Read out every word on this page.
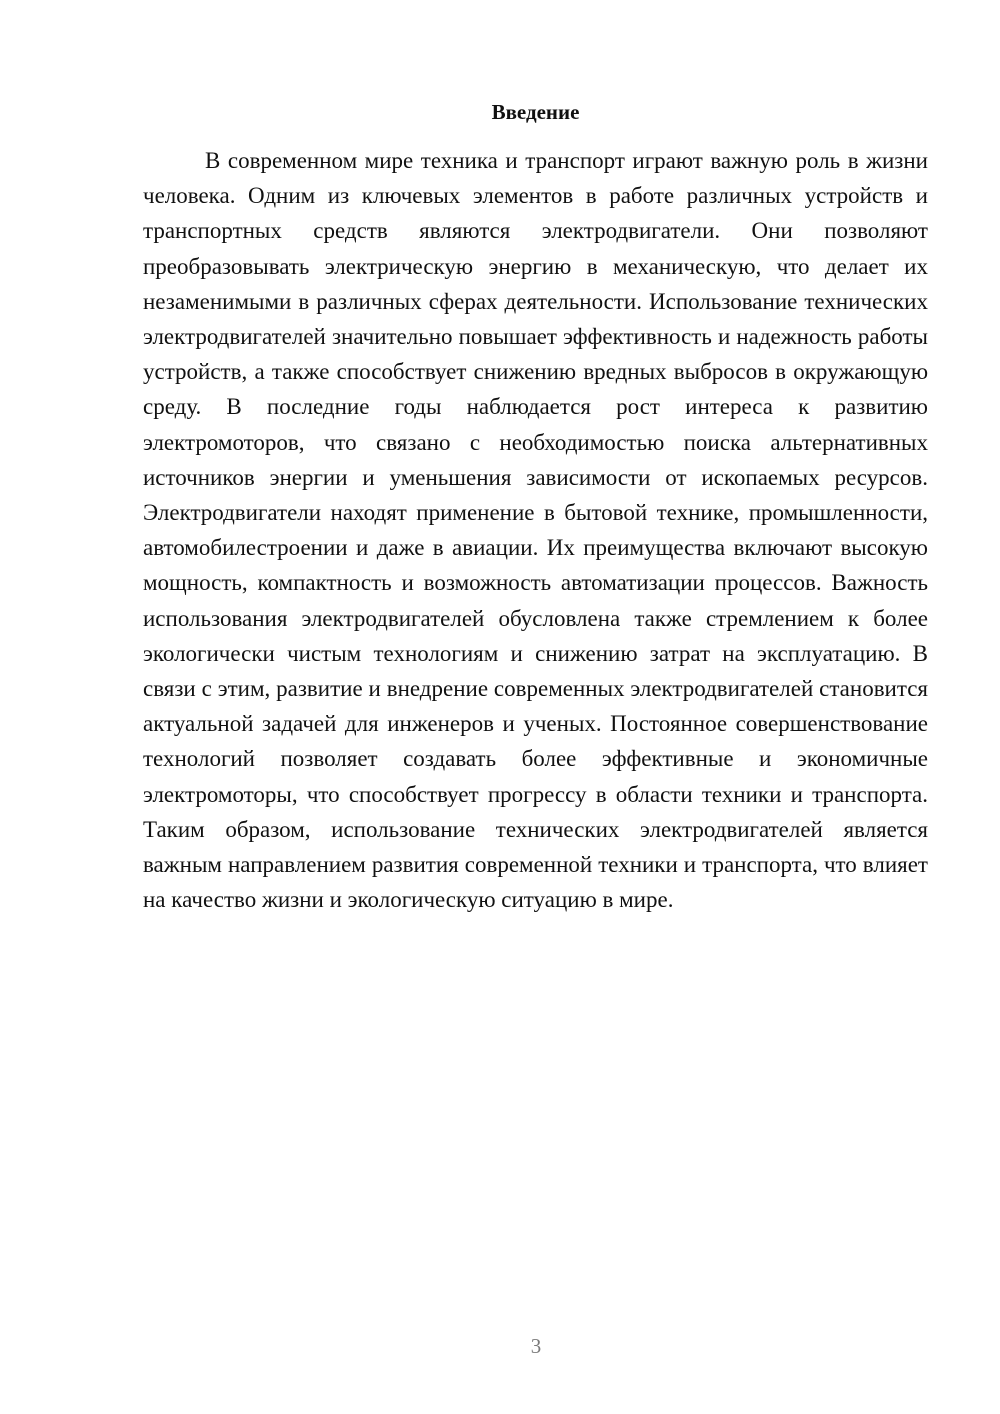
Введение

В современном мире техника и транспорт играют важную роль в жизни человека. Одним из ключевых элементов в работе различных устройств и транспортных средств являются электродвигатели. Они позволяют преобразовывать электрическую энергию в механическую, что делает их незаменимыми в различных сферах деятельности. Использование технических электродвигателей значительно повышает эффективность и надежность работы устройств, а также способствует снижению вредных выбросов в окружающую среду. В последние годы наблюдается рост интереса к развитию электромоторов, что связано с необходимостью поиска альтернативных источников энергии и уменьшения зависимости от ископаемых ресурсов. Электродвигатели находят применение в бытовой технике, промышленности, автомобилестроении и даже в авиации. Их преимущества включают высокую мощность, компактность и возможность автоматизации процессов. Важность использования электродвигателей обусловлена также стремлением к более экологически чистым технологиям и снижению затрат на эксплуатацию. В связи с этим, развитие и внедрение современных электродвигателей становится актуальной задачей для инженеров и ученых. Постоянное совершенствование технологий позволяет создавать более эффективные и экономичные электромоторы, что способствует прогрессу в области техники и транспорта. Таким образом, использование технических электродвигателей является важным направлением развития современной техники и транспорта, что влияет на качество жизни и экологическую ситуацию в мире.

3
